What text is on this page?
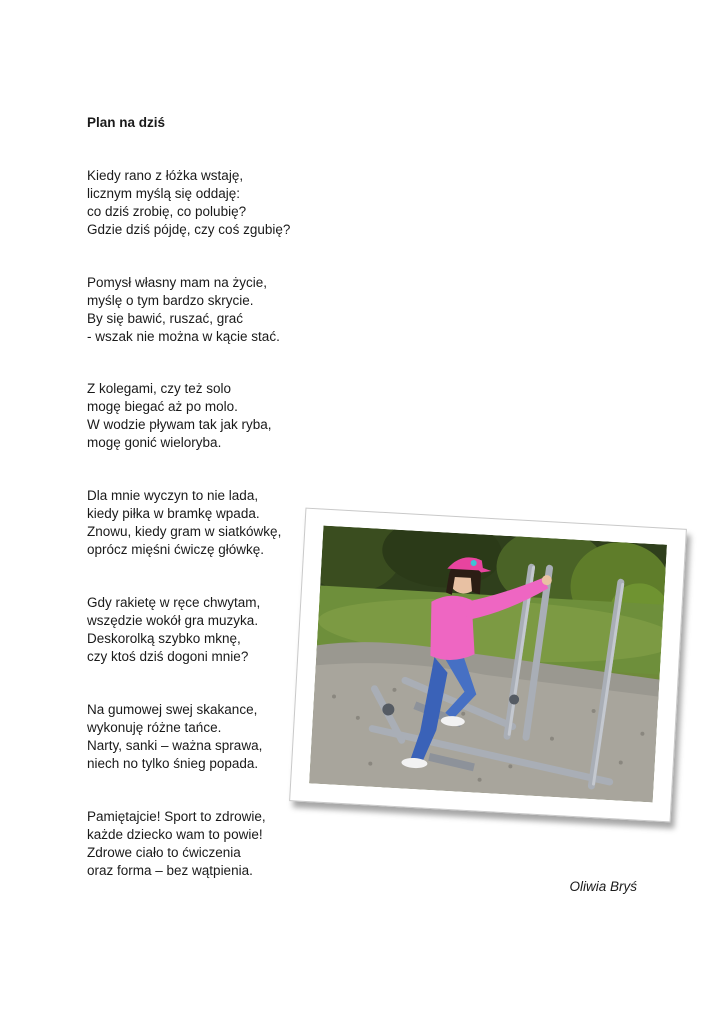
Plan na dziś

Kiedy rano z łóżka wstaję,
licznym myślą się oddaję:
co dziś zrobię, co polubię?
Gdzie dziś pójdę, czy coś zgubię?

Pomysł własny mam na życie,
myślę o tym bardzo skrycie.
By się bawić, ruszać, grać
- wszak nie można w kącie stać.

Z kolegami, czy też solo
mogę biegać aż po molo.
W wodzie pływam tak jak ryba,
mogę gonić wieloryba.

Dla mnie wyczyn to nie lada,
kiedy piłka w bramkę wpada.
Znowu, kiedy gram w siatkówkę,
oprócz mięśni ćwiczę główkę.

Gdy rakietę w ręce chwytam,
wszędzie wokół gra muzyka.
Deskorolką szybko mknę,
czy ktoś dziś dogoni mnie?

Na gumowej swej skakance,
wykonuję różne tańce.
Narty, sanki – ważna sprawa,
niech no tylko śnieg popada.

Pamiętajcie! Sport to zdrowie,
każde dziecko wam to powie!
Zdrowe ciało to ćwiczenia
oraz forma – bez wątpienia.

Oliwia Bryś
